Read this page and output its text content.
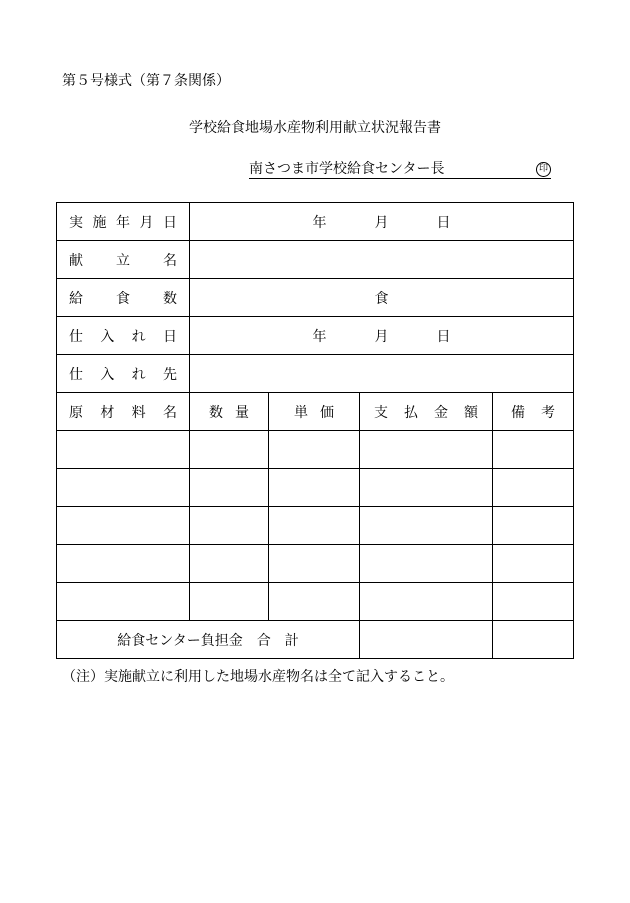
第５号様式（第７条関係）
学校給食地場水産物利用献立状況報告書
南さつま市学校給食センター長	印
実 施 年 月 日	年 月 日			

献 立 名				

給 食 数	食			

仕 入 れ 日	年 月 日			

仕 入 れ 先				

原 材 料 名	数 量	単 価	支 払 金 額	備 考

給食センター負担金　合　計				
（注）実施献立に利用した地場水産物名は全て記入すること。
